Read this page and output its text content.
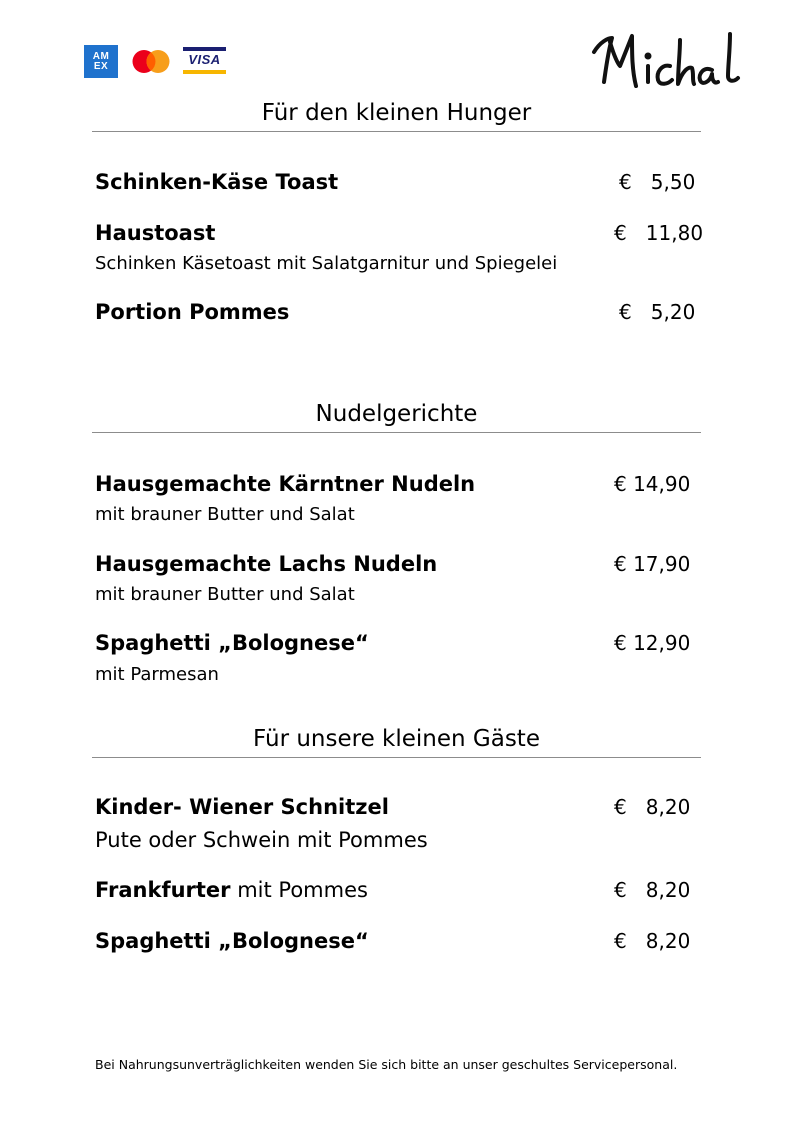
AM
EX	VISA
Für den kleinen Hunger
Schinken-Käse Toast	€   5,50
Haustoast	€   11,80
Schinken Käsetoast mit Salatgarnitur und Spiegelei
Portion Pommes	€   5,20
Nudelgerichte
Hausgemachte Kärntner Nudeln	€ 14,90
mit brauner Butter und Salat
Hausgemachte Lachs Nudeln	€ 17,90
mit brauner Butter und Salat
Spaghetti „Bolognese“	€ 12,90
mit Parmesan
Für unsere kleinen Gäste
Kinder- Wiener Schnitzel	€   8,20
Pute oder Schwein mit Pommes
Frankfurter mit Pommes	€   8,20
Spaghetti „Bolognese“	€   8,20
Bei Nahrungsunverträglichkeiten wenden Sie sich bitte an unser geschultes Servicepersonal.
